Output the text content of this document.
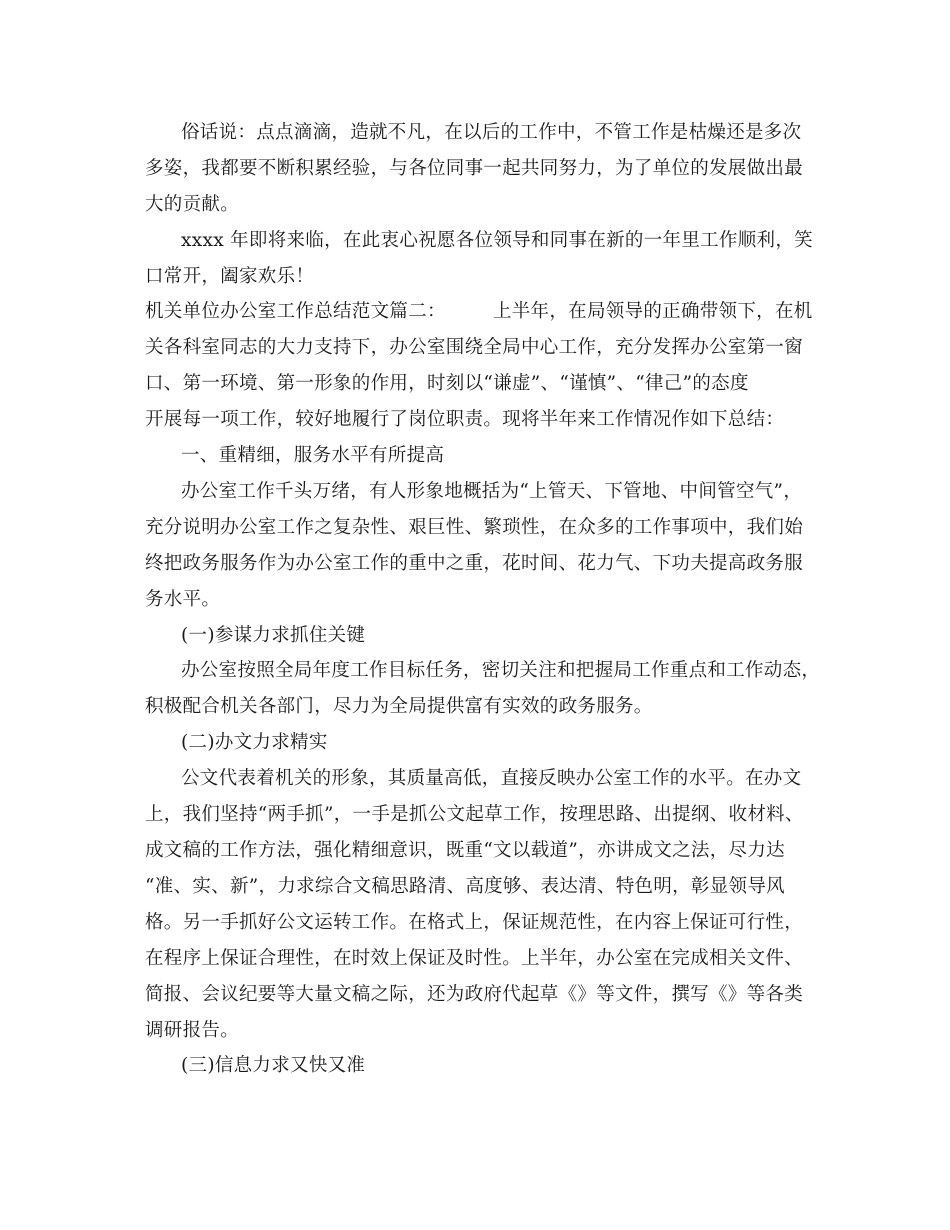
俗话说：点点滴滴，造就不凡，在以后的工作中，不管工作是枯燥还是多次
多姿，我都要不断积累经验，与各位同事一起共同努力，为了单位的发展做出最
大的贡献。
xxxx 年即将来临，在此衷心祝愿各位领导和同事在新的一年里工作顺利，笑
口常开，阖家欢乐！
机关单位办公室工作总结范文篇二：　　　上半年，在局领导的正确带领下，在机
关各科室同志的大力支持下，办公室围绕全局中心工作，充分发挥办公室第一窗
口、第一环境、第一形象的作用，时刻以“谦虚”、“谨慎”、“律己”的态度
开展每一项工作，较好地履行了岗位职责。现将半年来工作情况作如下总结：
一、重精细，服务水平有所提高
办公室工作千头万绪，有人形象地概括为“上管天、下管地、中间管空气”，
充分说明办公室工作之复杂性、艰巨性、繁琐性，在众多的工作事项中，我们始
终把政务服务作为办公室工作的重中之重，花时间、花力气、下功夫提高政务服
务水平。
(一)参谋力求抓住关键
办公室按照全局年度工作目标任务，密切关注和把握局工作重点和工作动态，
积极配合机关各部门，尽力为全局提供富有实效的政务服务。
(二)办文力求精实
公文代表着机关的形象，其质量高低，直接反映办公室工作的水平。在办文
上，我们坚持“两手抓”，一手是抓公文起草工作，按理思路、出提纲、收材料、
成文稿的工作方法，强化精细意识，既重“文以载道”，亦讲成文之法，尽力达
“准、实、新”，力求综合文稿思路清、高度够、表达清、特色明，彰显领导风
格。另一手抓好公文运转工作。在格式上，保证规范性，在内容上保证可行性，
在程序上保证合理性，在时效上保证及时性。上半年，办公室在完成相关文件、
简报、会议纪要等大量文稿之际，还为政府代起草《》等文件，撰写《》等各类
调研报告。
(三)信息力求又快又准
